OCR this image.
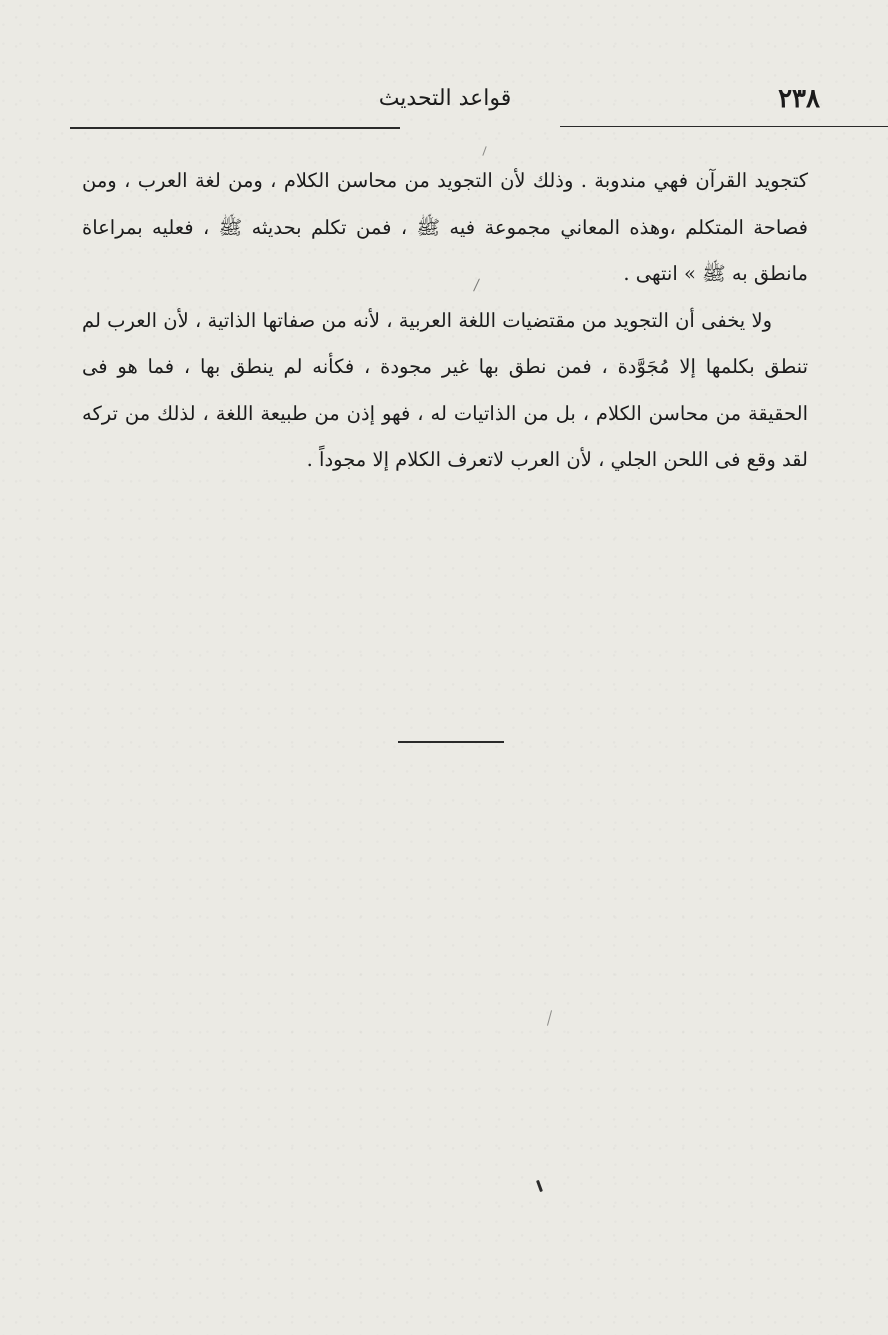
٢٣٨
قواعد التحديث

كتجويد القرآن فهي مندوبة . وذلك لأن التجويد من محاسن الكلام ، ومن لغة العرب ، ومن فصاحة المتكلم ،وهذه المعاني مجموعة فيه ﷺ ، فمن تكلم بحديثه ﷺ ، فعليه بمراعاة مانطق به ﷺ » انتهى .

ولا يخفى أن التجويد من مقتضيات اللغة العربية ، لأنه من صفاتها الذاتية ، لأن العرب لم تنطق بكلمها إلا مُجَوَّدة ، فمن نطق بها غير مجودة ، فكأنه لم ينطق بها ، فما هو فى الحقيقة من محاسن الكلام ، بل من الذاتيات له ، فهو إذن من طبيعة اللغة ، لذلك من تركه لقد وقع فى اللحن الجلي ، لأن العرب لاتعرف الكلام إلا مجوداً .
